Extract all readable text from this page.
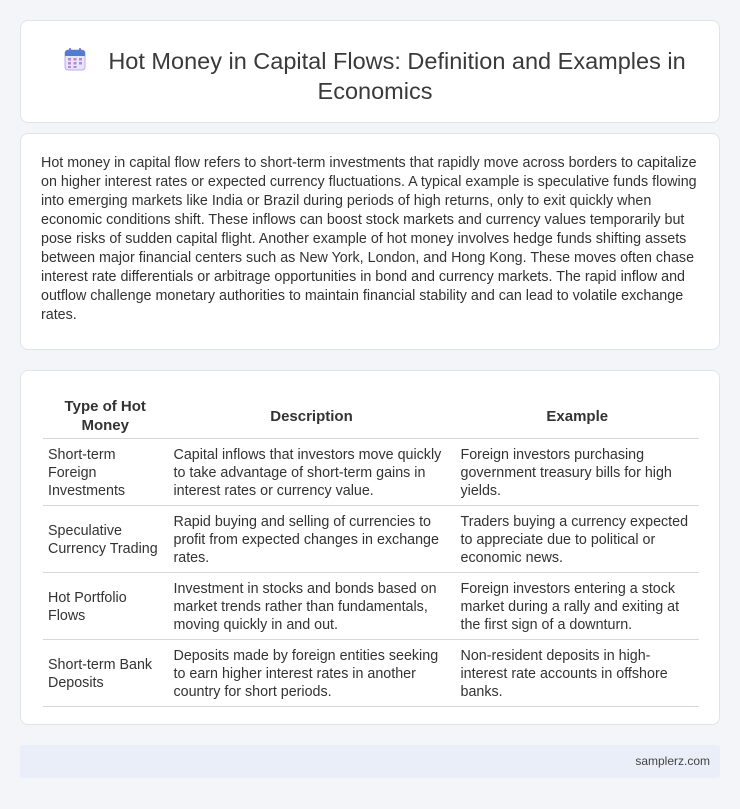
Hot Money in Capital Flows: Definition and Examples in Economics

Hot money in capital flow refers to short-term investments that rapidly move across borders to capitalize on higher interest rates or expected currency fluctuations. A typical example is speculative funds flowing into emerging markets like India or Brazil during periods of high returns, only to exit quickly when economic conditions shift. These inflows can boost stock markets and currency values temporarily but pose risks of sudden capital flight. Another example of hot money involves hedge funds shifting assets between major financial centers such as New York, London, and Hong Kong. These moves often chase interest rate differentials or arbitrage opportunities in bond and currency markets. The rapid inflow and outflow challenge monetary authorities to maintain financial stability and can lead to volatile exchange rates.

Type of Hot Money	Description	Example
Short-term Foreign Investments	Capital inflows that investors move quickly to take advantage of short-term gains in interest rates or currency value.	Foreign investors purchasing government treasury bills for high yields.
Speculative Currency Trading	Rapid buying and selling of currencies to profit from expected changes in exchange rates.	Traders buying a currency expected to appreciate due to political or economic news.
Hot Portfolio Flows	Investment in stocks and bonds based on market trends rather than fundamentals, moving quickly in and out.	Foreign investors entering a stock market during a rally and exiting at the first sign of a downturn.
Short-term Bank Deposits	Deposits made by foreign entities seeking to earn higher interest rates in another country for short periods.	Non-resident deposits in high-interest rate accounts in offshore banks.
samplerz.com
